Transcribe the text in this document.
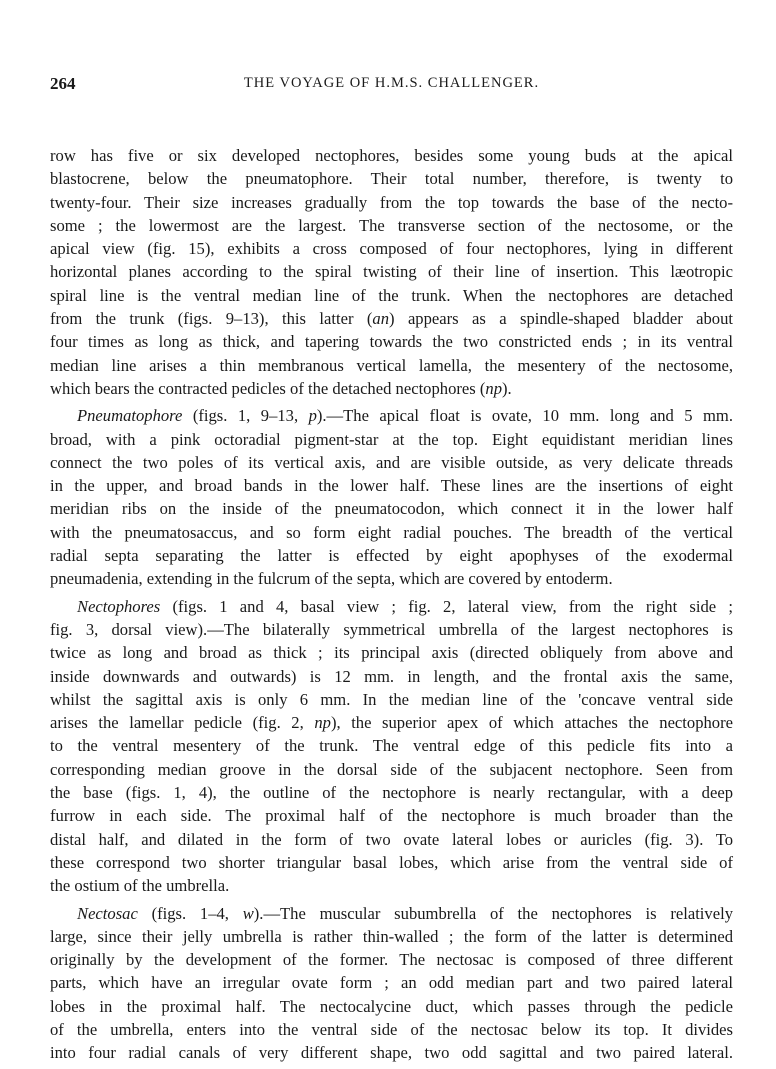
264	THE VOYAGE OF H.M.S. CHALLENGER.
row has five or six developed nectophores, besides some young buds at the apical
blastocrene, below the pneumatophore. Their total number, therefore, is twenty to
twenty-four. Their size increases gradually from the top towards the base of the necto-
some ; the lowermost are the largest. The transverse section of the nectosome, or the
apical view (fig. 15), exhibits a cross composed of four nectophores, lying in different
horizontal planes according to the spiral twisting of their line of insertion. This læotropic
spiral line is the ventral median line of the trunk. When the nectophores are detached
from the trunk (figs. 9–13), this latter (an) appears as a spindle-shaped bladder about
four times as long as thick, and tapering towards the two constricted ends ; in its ventral
median line arises a thin membranous vertical lamella, the mesentery of the nectosome,
which bears the contracted pedicles of the detached nectophores (np).
Pneumatophore (figs. 1, 9–13, p).—The apical float is ovate, 10 mm. long and 5 mm.
broad, with a pink octoradial pigment-star at the top. Eight equidistant meridian lines
connect the two poles of its vertical axis, and are visible outside, as very delicate threads
in the upper, and broad bands in the lower half. These lines are the insertions of eight
meridian ribs on the inside of the pneumatocodon, which connect it in the lower half
with the pneumatosaccus, and so form eight radial pouches. The breadth of the vertical
radial septa separating the latter is effected by eight apophyses of the exodermal
pneumadenia, extending in the fulcrum of the septa, which are covered by entoderm.
Nectophores (figs. 1 and 4, basal view ; fig. 2, lateral view, from the right side ;
fig. 3, dorsal view).—The bilaterally symmetrical umbrella of the largest nectophores is
twice as long and broad as thick ; its principal axis (directed obliquely from above and
inside downwards and outwards) is 12 mm. in length, and the frontal axis the same,
whilst the sagittal axis is only 6 mm. In the median line of the 'concave ventral side
arises the lamellar pedicle (fig. 2, np), the superior apex of which attaches the nectophore
to the ventral mesentery of the trunk. The ventral edge of this pedicle fits into a
corresponding median groove in the dorsal side of the subjacent nectophore. Seen from
the base (figs. 1, 4), the outline of the nectophore is nearly rectangular, with a deep
furrow in each side. The proximal half of the nectophore is much broader than the
distal half, and dilated in the form of two ovate lateral lobes or auricles (fig. 3). To
these correspond two shorter triangular basal lobes, which arise from the ventral side of
the ostium of the umbrella.
Nectosac (figs. 1–4, w).—The muscular subumbrella of the nectophores is relatively
large, since their jelly umbrella is rather thin-walled ; the form of the latter is determined
originally by the development of the former. The nectosac is composed of three different
parts, which have an irregular ovate form ; an odd median part and two paired lateral
lobes in the proximal half. The nectocalycine duct, which passes through the pedicle
of the umbrella, enters into the ventral side of the nectosac below its top. It divides
into four radial canals of very different shape, two odd sagittal and two paired lateral.
